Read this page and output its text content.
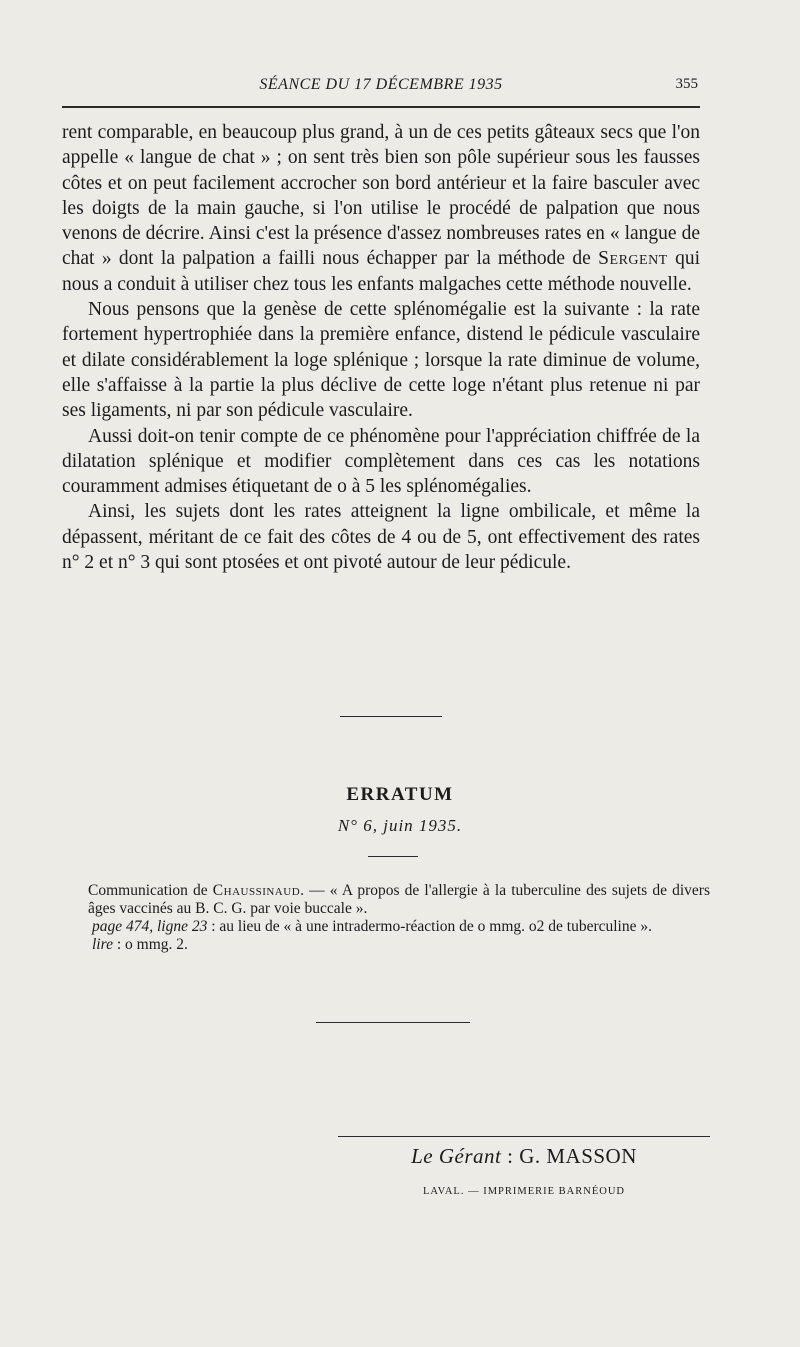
SÉANCE DU 17 DÉCEMBRE 1935	355

rent comparable, en beaucoup plus grand, à un de ces petits gâteaux secs que l'on appelle « langue de chat » ; on sent très bien son pôle supérieur sous les fausses côtes et on peut facilement accrocher son bord antérieur et la faire basculer avec les doigts de la main gauche, si l'on utilise le procédé de palpation que nous venons de décrire. Ainsi c'est la présence d'assez nombreuses rates en « langue de chat » dont la palpation a failli nous échapper par la méthode de Sergent qui nous a conduit à utiliser chez tous les enfants malgaches cette méthode nouvelle.

Nous pensons que la genèse de cette splénomégalie est la suivante : la rate fortement hypertrophiée dans la première enfance, distend le pédicule vasculaire et dilate considérablement la loge splénique ; lorsque la rate diminue de volume, elle s'affaisse à la partie la plus déclive de cette loge n'étant plus retenue ni par ses ligaments, ni par son pédicule vasculaire.

Aussi doit-on tenir compte de ce phénomène pour l'appréciation chiffrée de la dilatation splénique et modifier complètement dans ces cas les notations couramment admises étiquetant de o à 5 les splénomégalies.

Ainsi, les sujets dont les rates atteignent la ligne ombilicale, et même la dépassent, méritant de ce fait des côtes de 4 ou de 5, ont effectivement des rates n° 2 et n° 3 qui sont ptosées et ont pivoté autour de leur pédicule.

ERRATUM
N° 6, juin 1935.

Communication de Chaussinaud. — « A propos de l'allergie à la tuberculine des sujets de divers âges vaccinés au B. C. G. par voie buccale ».

page 474, ligne 23 : au lieu de « à une intradermo-réaction de o mmg. o2 de tuberculine ».

lire : o mmg. 2.

Le Gérant : G. MASSON
LAVAL. — IMPRIMERIE BARNÉOUD
